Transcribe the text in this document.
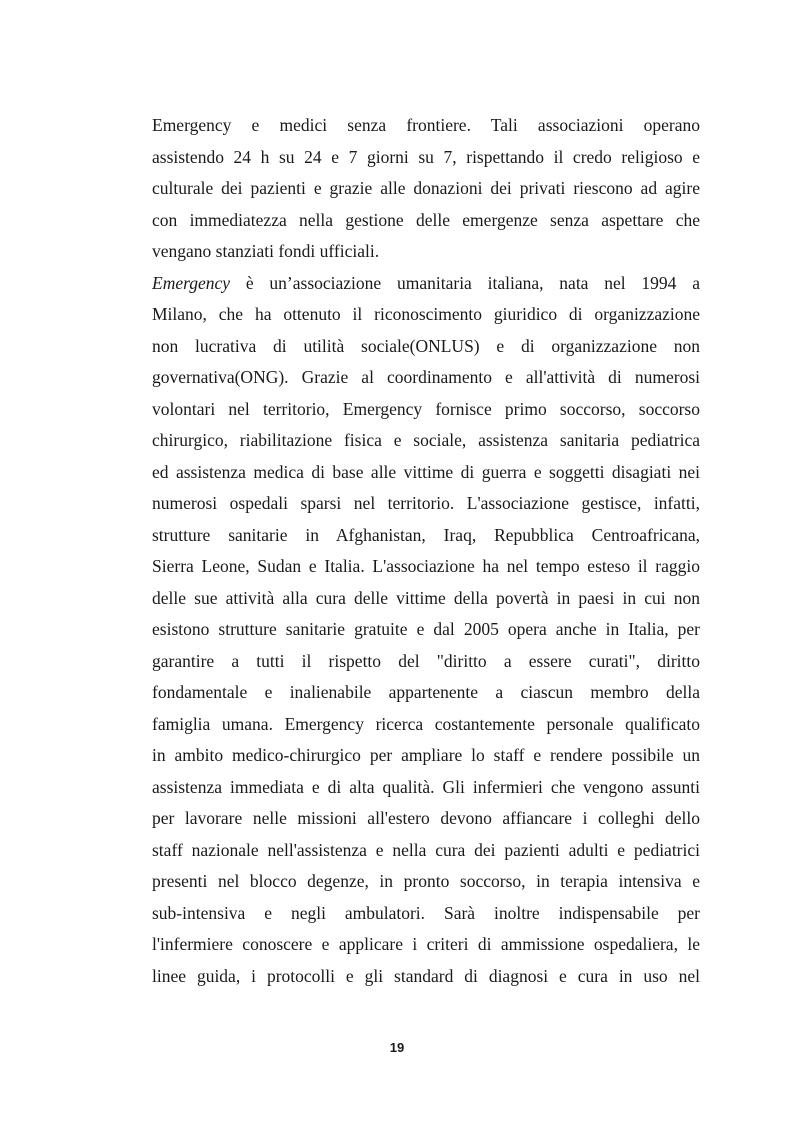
Emergency e medici senza frontiere. Tali associazioni operano
assistendo 24 h su 24 e 7 giorni su 7, rispettando il credo religioso e
culturale dei pazienti e grazie alle donazioni dei privati riescono ad agire
con immediatezza nella gestione delle emergenze senza aspettare che
vengano stanziati fondi ufficiali.
Emergency è un’associazione umanitaria italiana, nata nel 1994 a
Milano, che ha ottenuto il riconoscimento giuridico di organizzazione
non lucrativa di utilità sociale(ONLUS) e di organizzazione non
governativa(ONG). Grazie al coordinamento e all'attività di numerosi
volontari nel territorio, Emergency fornisce primo soccorso, soccorso
chirurgico, riabilitazione fisica e sociale, assistenza sanitaria pediatrica
ed assistenza medica di base alle vittime di guerra e soggetti disagiati nei
numerosi ospedali sparsi nel territorio. L'associazione gestisce, infatti,
strutture sanitarie in Afghanistan, Iraq, Repubblica Centroafricana,
Sierra Leone, Sudan e Italia. L'associazione ha nel tempo esteso il raggio
delle sue attività alla cura delle vittime della povertà in paesi in cui non
esistono strutture sanitarie gratuite e dal 2005 opera anche in Italia, per
garantire a tutti il rispetto del "diritto a essere curati", diritto
fondamentale e inalienabile appartenente a ciascun membro della
famiglia umana. Emergency ricerca costantemente personale qualificato
in ambito medico-chirurgico per ampliare lo staff e rendere possibile un
assistenza immediata e di alta qualità. Gli infermieri che vengono assunti
per lavorare nelle missioni all'estero devono affiancare i colleghi dello
staff nazionale nell'assistenza e nella cura dei pazienti adulti e pediatrici
presenti nel blocco degenze, in pronto soccorso, in terapia intensiva e
sub-intensiva e negli ambulatori. Sarà inoltre indispensabile per
l'infermiere conoscere e applicare i criteri di ammissione ospedaliera, le
linee guida, i protocolli e gli standard di diagnosi e cura in uso nel
19
